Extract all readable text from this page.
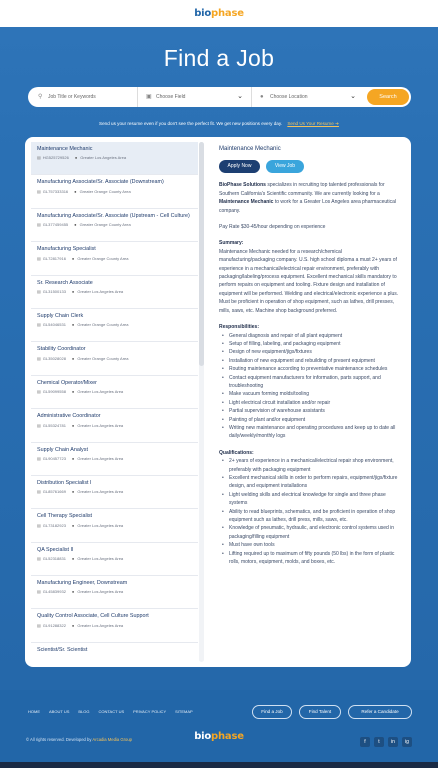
biophase
Find a Job
⚲	Job Title or Keywords	▣ Choose Field	⌄	●	Choose Location	⌄	Search
Send us your resume even if you don't see the perfect fit. We get new positions every day. Send Us Your Resume ➔
Maintenance Mechanic
▤ HG525729526 ● Greater Los Angeles Area
Manufacturing Associate/Sr. Associate (Downstream)
▤ GL757333316 ● Greater Orange County Area
Manufacturing Associate/Sr. Associate (Upstream - Cell Culture)
▤ GL377459455 ● Greater Orange County Area
Manufacturing Specialist
▤ GL72817916 ● Greater Orange County Area
Sr. Research Associate
▤ GL31500133 ● Greater Los Angeles Area
Supply Chain Clerk
▤ GL54046531 ● Greater Orange County Area
Stability Coordinator
▤ GL35028028 ● Greater Orange County Area
Chemical Operator/Mixer
▤ GL59099558 ● Greater Los Angeles Area
Administrative Coordinator
▤ GL55324781 ● Greater Los Angeles Area
Supply Chain Analyst
▤ GL90457723 ● Greater Los Angeles Area
Distribution Specialist I
▤ GL85761669 ● Greater Los Angeles Area
Cell Therapy Specialist
▤ GL73182923 ● Greater Los Angeles Area
QA Specialist II
▤ GL52318831 ● Greater Los Angeles Area
Manufacturing Engineer, Downstream
▤ GL45839932 ● Greater Los Angeles Area
Quality Control Associate, Cell Culture Support
▤ GL91288322 ● Greater Los Angeles Area
Scientist/Sr. Scientist
Maintenance Mechanic
Apply Now	View Job
BioPhase Solutions specializes in recruiting top talented professionals for Southern California's Scientific community. We are currently looking for a Maintenance Mechanic to work for a Greater Los Angeles area pharmaceutical company.
Pay Rate $30-45/hour depending on experience
Summary:
Maintenance Mechanic needed for a research/chemical manufacturing/packaging company. U.S. high school diploma a must 2+ years of experience in a mechanical/electrical repair environment, preferably with packaging/labeling/process equipment. Excellent mechanical skills mandatory to perform repairs on equipment and tooling. Fixture design and installation of equipment will be performed. Welding and electrical/electronic experience a plus. Must be proficient in operation of shop equipment, such as lathes, drill presses, mills, saws, etc. Machine shop background preferred.
Responsibilities:
• General diagnosis and repair of all plant equipment
• Setup of filling, labeling, and packaging equipment
• Design of new equipment/jigs/fixtures
• Installation of new equipment and rebuilding of present equipment
• Routing maintenance according to preventative maintenance schedules
• Contact equipment manufacturers for information, parts support, and troubleshooting
• Make vacuum forming molds/tooling
• Light electrical circuit installation and/or repair
• Partial supervision of warehouse assistants
• Painting of plant and/or equipment
• Writing new maintenance and operating procedures and keep up to date all daily/weekly/monthly logs
Qualifications:
• 2+ years of experience in a mechanical/electrical repair shop environment, preferably with packaging equipment
• Excellent mechanical skills in order to perform repairs, equipment/jigs/fixture design, and equipment installations
• Light welding skills and electrical knowledge for single and three phase systems
• Ability to read blueprints, schematics, and be proficient in operation of shop equipment such as lathes, drill press, mills, saws, etc.
• Knowledge of pneumatic, hydraulic, and electronic control systems used in packaging/filling equipment
• Must have own tools
• Lifting required up to maximum of fifty pounds (50 lbs) in the form of plastic rolls, motors, equipment, molds, and boxes, etc.
HOME ABOUT US BLOG CONTACT US PRIVACY POLICY SITEMAP	Find a Job	Find Talent	Refer a Candidate
© All rights reserved. Developed by Arcadia Media Group	biophase	f	t	in	ig
